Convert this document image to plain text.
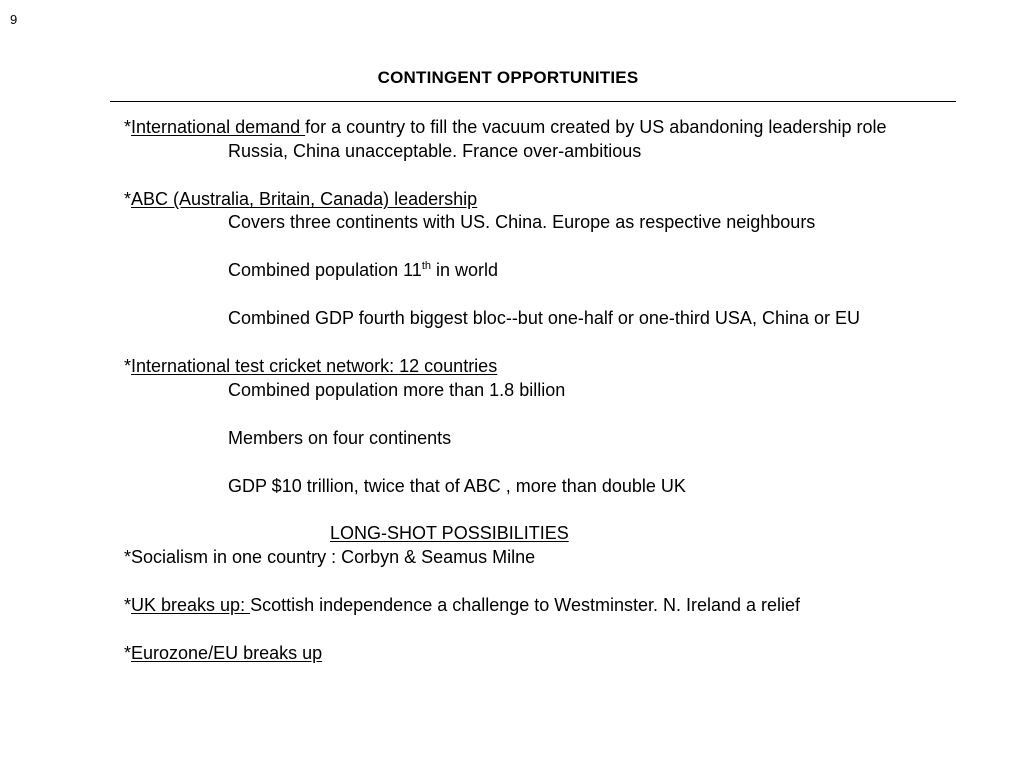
9
CONTINGENT OPPORTUNITIES
*International demand for a country to fill the vacuum created by US abandoning leadership role
Russia, China unacceptable. France over-ambitious
*ABC (Australia, Britain, Canada) leadership
Covers three continents with US. China. Europe as respective neighbours
Combined population 11th in world
Combined GDP fourth biggest bloc--but one-half or one-third USA, China or EU
*International test cricket network: 12 countries
Combined population more than 1.8 billion
Members on four continents
GDP $10 trillion, twice that of ABC , more than double UK
LONG-SHOT POSSIBILITIES
*Socialism in one country : Corbyn & Seamus Milne
*UK breaks up: Scottish independence a challenge to Westminster. N. Ireland a relief
*Eurozone/EU breaks up
